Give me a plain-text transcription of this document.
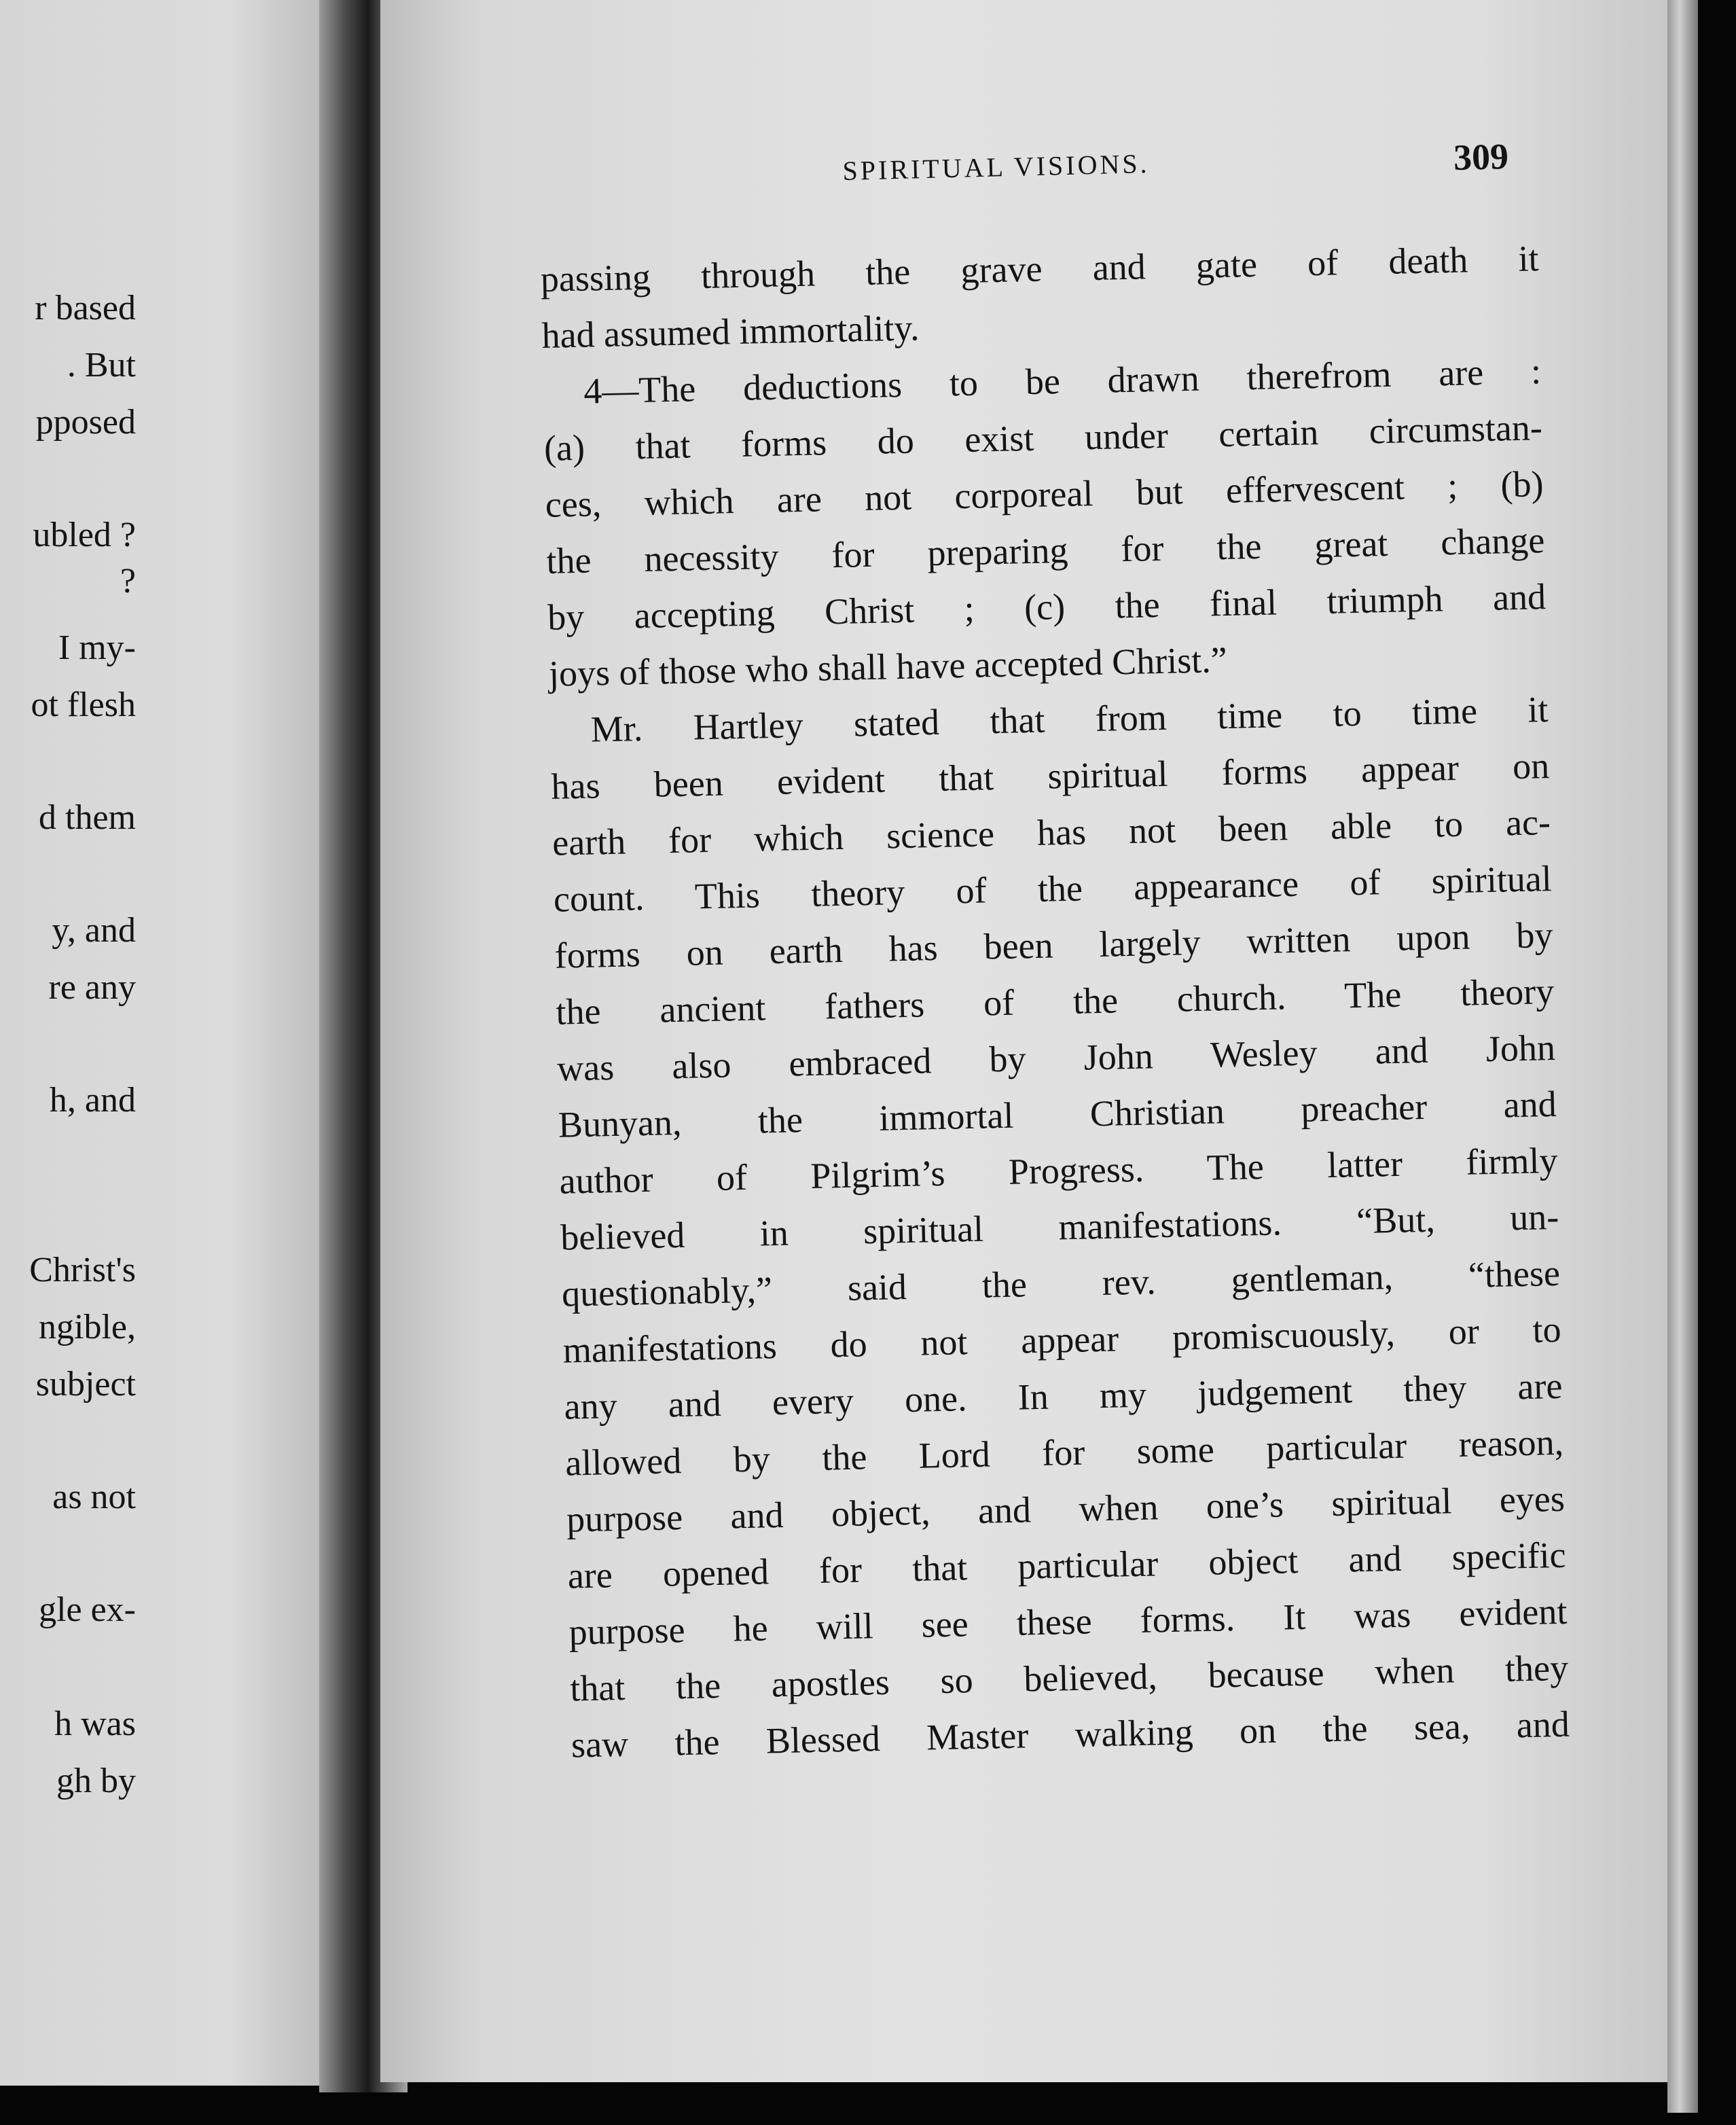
r based
. But
pposed
ubled ?
?
I my-
ot flesh
d them
y, and
re any
h, and
Christ's
ngible,
subject
as not
gle ex-
h was
gh by
SPIRITUAL VISIONS.	309
passing through the grave and gate of death it
had assumed immortality.
4—The deductions to be drawn therefrom are :
(a) that forms do exist under certain circumstan-
ces, which are not corporeal but effervescent ; (b)
the necessity for preparing for the great change
by accepting Christ ; (c) the final triumph and
joys of those who shall have accepted Christ.”
Mr. Hartley stated that from time to time it
has been evident that spiritual forms appear on
earth for which science has not been able to ac-
count. This theory of the appearance of spiritual
forms on earth has been largely written upon by
the ancient fathers of the church. The theory
was also embraced by John Wesley and John
Bunyan, the immortal Christian preacher and
author of Pilgrim’s Progress. The latter firmly
believed in spiritual manifestations. “But, un-
questionably,” said the rev. gentleman, “these
manifestations do not appear promiscuously, or to
any and every one. In my judgement they are
allowed by the Lord for some particular reason,
purpose and object, and when one’s spiritual eyes
are opened for that particular object and specific
purpose he will see these forms. It was evident
that the apostles so believed, because when they
saw the Blessed Master walking on the sea, and
